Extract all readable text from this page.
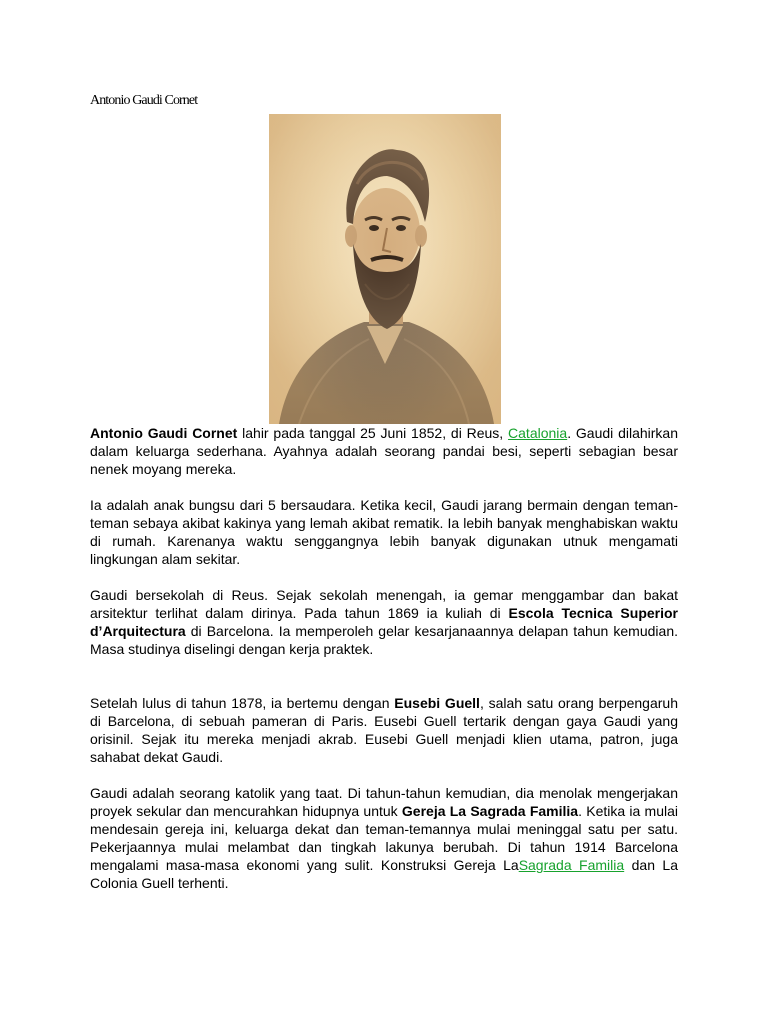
Antonio Gaudi Cornet

Antonio Gaudi Cornet lahir pada tanggal 25 Juni 1852, di Reus, Catalonia. Gaudi dilahirkan dalam keluarga sederhana. Ayahnya adalah seorang pandai besi, seperti sebagian besar nenek moyang mereka.

Ia adalah anak bungsu dari 5 bersaudara. Ketika kecil, Gaudi jarang bermain dengan teman-teman sebaya akibat kakinya yang lemah akibat rematik. Ia lebih banyak menghabiskan waktu di rumah. Karenanya waktu senggangnya lebih banyak digunakan utnuk mengamati lingkungan alam sekitar.

Gaudi bersekolah di Reus. Sejak sekolah menengah, ia gemar menggambar dan bakat arsitektur terlihat dalam dirinya. Pada tahun 1869 ia kuliah di Escola Tecnica Superior d’Arquitectura di Barcelona. Ia memperoleh gelar kesarjanaannya delapan tahun kemudian. Masa studinya diselingi dengan kerja praktek.

Setelah lulus di tahun 1878, ia bertemu dengan Eusebi Guell, salah satu orang berpengaruh di Barcelona, di sebuah pameran di Paris. Eusebi Guell tertarik dengan gaya Gaudi yang orisinil. Sejak itu mereka menjadi akrab. Eusebi Guell menjadi klien utama, patron, juga sahabat dekat Gaudi.

Gaudi adalah seorang katolik yang taat. Di tahun-tahun kemudian, dia menolak mengerjakan proyek sekular dan mencurahkan hidupnya untuk Gereja La Sagrada Familia. Ketika ia mulai mendesain gereja ini, keluarga dekat dan teman-temannya mulai meninggal satu per satu. Pekerjaannya mulai melambat dan tingkah lakunya berubah. Di tahun 1914 Barcelona mengalami masa-masa ekonomi yang sulit. Konstruksi Gereja LaSagrada Familia dan La Colonia Guell terhenti.
